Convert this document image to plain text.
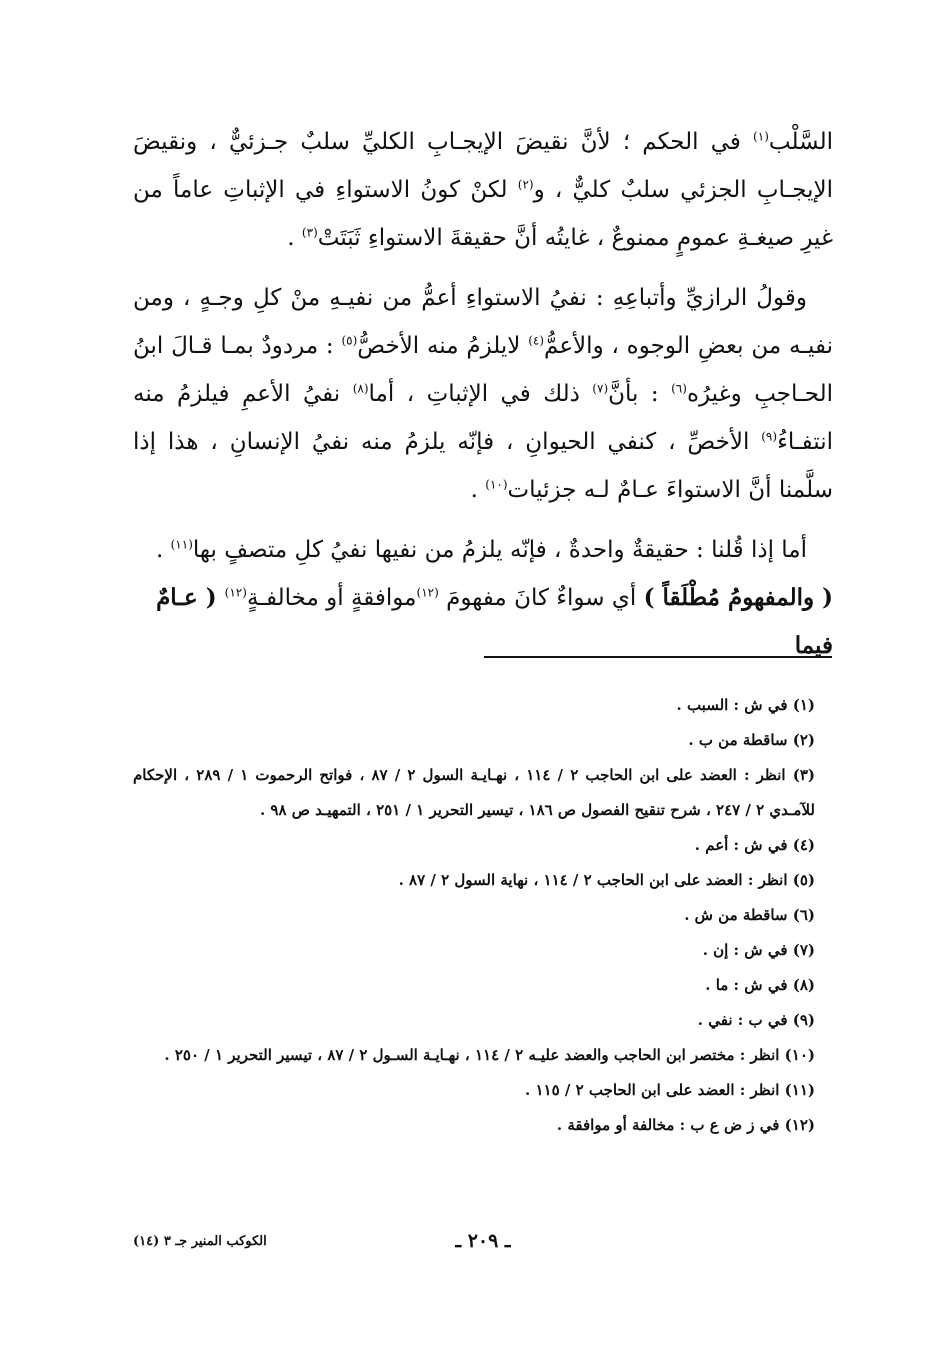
السَّلْب$^{(١)}$ في الحكم ؛ لأنَّ نقيضَ الإيجـابِ الكليِّ سلبٌ جـزئيٌّ ، ونقيضَ الإيجـابِ الجزئي سلبٌ كليٌّ ، و$^{(٢)}$ لكنْ كونُ الاستواءِ في الإثباتِ عاماً من غيرِ صيغـةِ عمومٍ ممنوعٌ ، غايتُه أنَّ حقيقةَ الاستواءِ ثَبَتَتْ$^{(٣)}$ .

وقولُ الرازيِّ وأتباعِهِ : نفيُ الاستواءِ أعمُّ من نفيـهِ منْ كلِ وجـهٍ ، ومن نفيـه من بعضِ الوجوه ، والأعمُّ$^{(٤)}$ لايلزمُ منه الأخصُّ$^{(٥)}$ : مردودٌ بمـا قـالَ ابنُ الحـاجبِ وغيرُه$^{(٦)}$ : بأنَّ$^{(٧)}$ ذلك في الإثباتِ ، أما$^{(٨)}$ نفيُ الأعمِ فيلزمُ منه انتفـاءُ$^{(٩)}$ الأخصِّ ، كنفي الحيوانِ ، فإنّه يلزمُ منه نفيُ الإنسانِ ، هذا إذا سلَّمنا أنَّ الاستواءَ عـامٌ لـه جزئيات$^{(١٠)}$ .

أما إذا قُلنا : حقيقةٌ واحدةٌ ، فإنّه يلزمُ من نفيها نفيُ كلِ متصفٍ بها$^{(١١)}$ .

( والمفهومُ مُطْلَقاً ) أي سواءٌ كانَ مفهومَ $^{(١٢)}$موافقةٍ أو مخالفـةٍ$^{(١٢)}$ ( عـامٌ فيما

(١) في ش : السبب .

(٢) ساقطة من ب .

(٣) انظر : العضد على ابن الحاجب ٢ / ١١٤ ، نهـايـة السول ٢ / ٨٧ ، فواتح الرحموت ١ / ٢٨٩ ، الإحكام للآمـدي ٢ / ٢٤٧ ، شرح تنقيح الفصول ص ١٨٦ ، تيسير التحرير ١ / ٢٥١ ، التمهيـد ص ٩٨ .

(٤) في ش : أعم .

(٥) انظر : العضد على ابن الحاجب ٢ / ١١٤ ، نهاية السول ٢ / ٨٧ .

(٦) ساقطة من ش .

(٧) في ش : إن .

(٨) في ش : ما .

(٩) في ب : نفي .

(١٠) انظر : مختصر ابن الحاجب والعضد عليـه ٢ / ١١٤ ، نهـايـة السـول ٢ / ٨٧ ، تيسير التحرير ١ / ٢٥٠ .

(١١) انظر : العضد على ابن الحاجب ٢ / ١١٥ .

(١٢) في ز ض ع ب : مخالفة أو موافقة .

ـ ٢٠٩ ـ
الكوكب المنير جـ ٣ (١٤)
